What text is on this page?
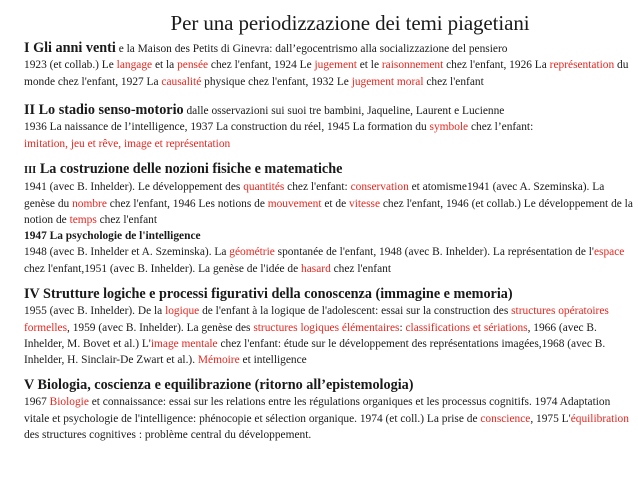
Per una periodizzazione dei temi piagetiani

I Gli anni venti e la Maison des Petits di Ginevra: dall’egocentrismo alla socializzazione del pensiero

1923 (et collab.) Le langage et la pensée chez l'enfant, 1924 Le jugement et le raisonnement chez l'enfant, 1926 La représentation du monde chez l'enfant, 1927 La causalité physique chez l'enfant, 1932 Le jugement moral chez l'enfant

II Lo stadio senso-motorio dalle osservazioni sui suoi tre bambini, Jaqueline, Laurent e Lucienne

1936 La naissance de l’intelligence, 1937 La construction du réel, 1945 La formation du symbole chez l’enfant:
imitation, jeu et rêve, image et représentation

III La costruzione delle nozioni fisiche e matematiche

1941 (avec B. Inhelder). Le développement des quantités chez l'enfant: conservation et atomisme1941 (avec A. Szeminska). La genèse du nombre chez l'enfant, 1946 Les notions de mouvement et de vitesse chez l'enfant, 1946 (et collab.) Le développement de la notion de temps chez l'enfant

1947 La psychologie de l'intelligence

1948 (avec B. Inhelder et A. Szeminska). La géométrie spontanée de l'enfant, 1948 (avec B. Inhelder). La représentation de l'espace chez l'enfant,1951 (avec B. Inhelder). La genèse de l'idée de hasard chez l'enfant

IV Strutture logiche e processi figurativi della conoscenza (immagine e memoria)

1955 (avec B. Inhelder). De la logique de l'enfant à la logique de l'adolescent: essai sur la construction des structures opératoires formelles, 1959 (avec B. Inhelder). La genèse des structures logiques élémentaires: classifications et sériations, 1966 (avec B. Inhelder, M. Bovet et al.) L'image mentale chez l'enfant: étude sur le développement des représentations imagées,1968 (avec B. Inhelder, H. Sinclair-De Zwart et al.). Mémoire et intelligence

V Biologia, coscienza e equilibrazione (ritorno all’epistemologia)

1967 Biologie et connaissance: essai sur les relations entre les régulations organiques et les processus cognitifs. 1974 Adaptation vitale et psychologie de l'intelligence: phénocopie et sélection organique. 1974 (et coll.) La prise de conscience, 1975 L'équilibration des structures cognitives : problème central du développement.
